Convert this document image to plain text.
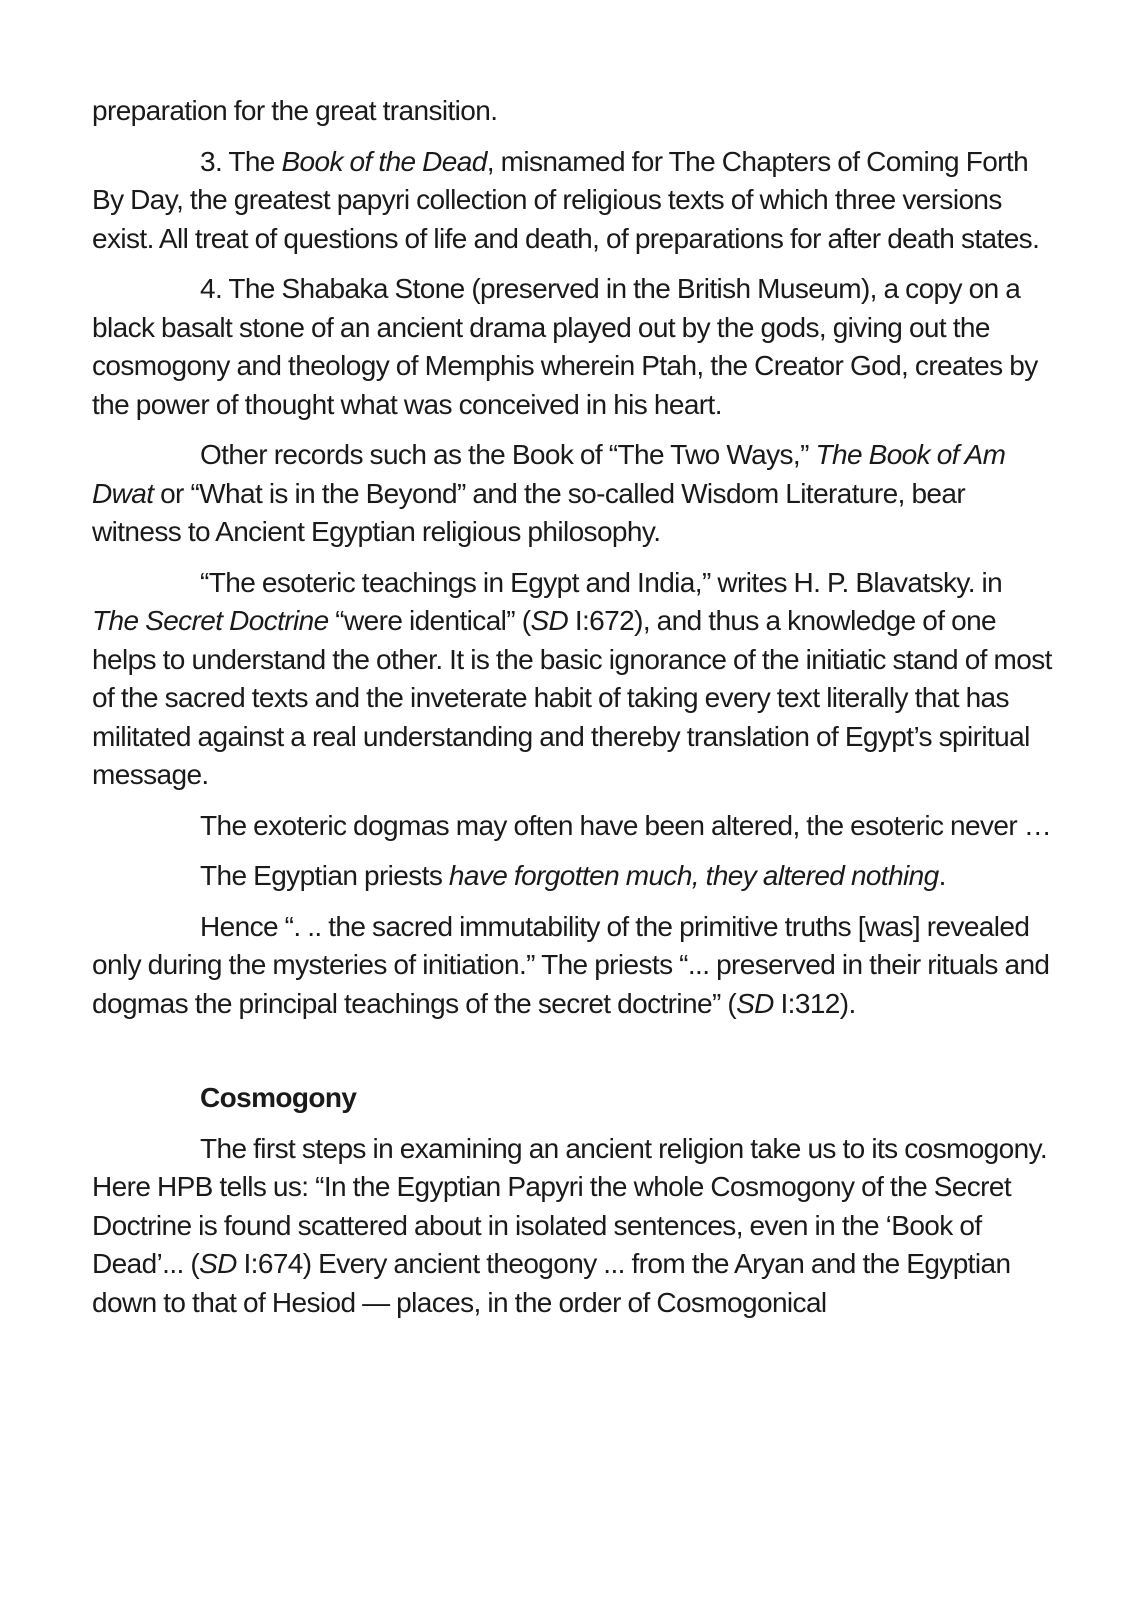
preparation for the great transition.

3. The Book of the Dead, misnamed for The Chapters of Coming Forth By Day, the greatest papyri collection of religious texts of which three versions exist. All treat of questions of life and death, of preparations for after death states.

4. The Shabaka Stone (preserved in the British Museum), a copy on a black basalt stone of an ancient drama played out by the gods, giving out the cosmogony and theology of Memphis wherein Ptah, the Creator God, creates by the power of thought what was conceived in his heart.

Other records such as the Book of “The Two Ways,” The Book of Am Dwat or “What is in the Beyond” and the so-called Wisdom Literature, bear witness to Ancient Egyptian religious philosophy.

“The esoteric teachings in Egypt and India,” writes H. P. Blavatsky. in The Secret Doctrine “were identical” (SD I:672), and thus a knowledge of one helps to understand the other. It is the basic ignorance of the initiatic stand of most of the sacred texts and the inveterate habit of taking every text literally that has militated against a real understanding and thereby translation of Egypt’s spiritual message.

The exoteric dogmas may often have been altered, the esoteric never …

The Egyptian priests have forgotten much, they altered nothing.

Hence “. .. the sacred immutability of the primitive truths [was] revealed only during the mysteries of initiation.” The priests “... preserved in their rituals and dogmas the principal teachings of the secret doctrine” (SD I:312).

Cosmogony

The first steps in examining an ancient religion take us to its cosmogony. Here HPB tells us: “In the Egyptian Papyri the whole Cosmogony of the Secret Doctrine is found scattered about in isolated sentences, even in the ‘Book of Dead’... (SD I:674) Every ancient theogony ... from the Aryan and the Egyptian down to that of Hesiod — places, in the order of Cosmogonical
